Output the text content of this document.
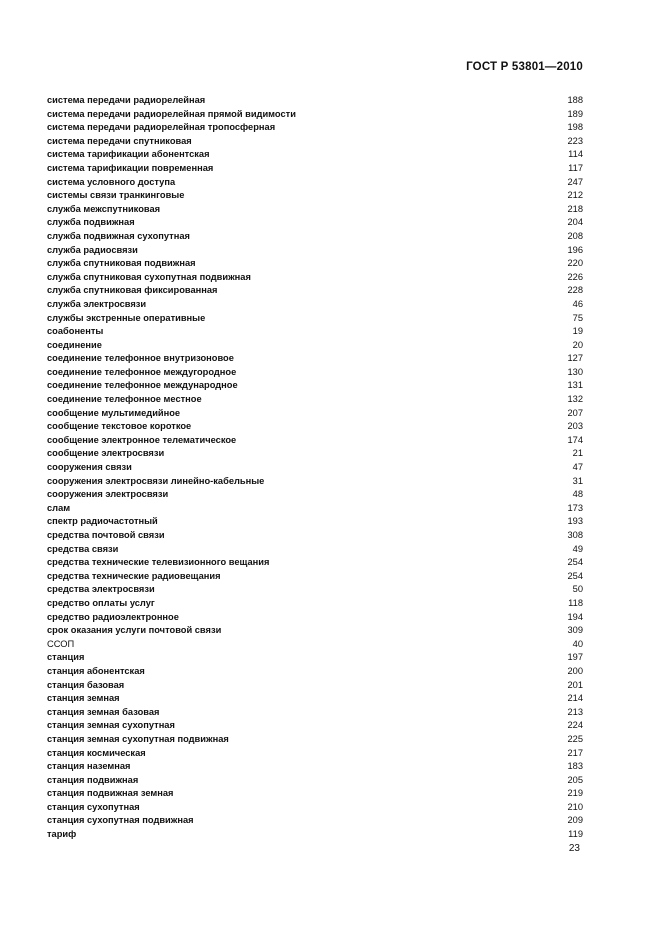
ГОСТ Р 53801—2010
система передачи радиорелейная	188
система передачи радиорелейная прямой видимости	189
система передачи радиорелейная тропосферная	198
система передачи спутниковая	223
система тарификации абонентская	114
система тарификации повременная	117
система условного доступа	247
системы связи транкинговые	212
служба межспутниковая	218
служба подвижная	204
служба подвижная сухопутная	208
служба радиосвязи	196
служба спутниковая подвижная	220
служба спутниковая сухопутная подвижная	226
служба спутниковая фиксированная	228
служба электросвязи	46
службы экстренные оперативные	75
соабоненты	19
соединение	20
соединение телефонное внутризоновое	127
соединение телефонное междугородное	130
соединение телефонное международное	131
соединение телефонное местное	132
сообщение мультимедийное	207
сообщение текстовое короткое	203
сообщение электронное телематическое	174
сообщение электросвязи	21
сооружения связи	47
сооружения электросвязи линейно-кабельные	31
сооружения электросвязи	48
слам	173
спектр радиочастотный	193
средства почтовой связи	308
средства связи	49
средства технические телевизионного вещания	254
средства технические радиовещания	254
средства электросвязи	50
средство оплаты услуг	118
средство радиоэлектронное	194
срок оказания услуги почтовой связи	309
ССОП	40
станция	197
станция абонентская	200
станция базовая	201
станция земная	214
станция земная базовая	213
станция земная сухопутная	224
станция земная сухопутная подвижная	225
станция космическая	217
станция наземная	183
станция подвижная	205
станция подвижная земная	219
станция сухопутная	210
станция сухопутная подвижная	209
тариф	119
23
